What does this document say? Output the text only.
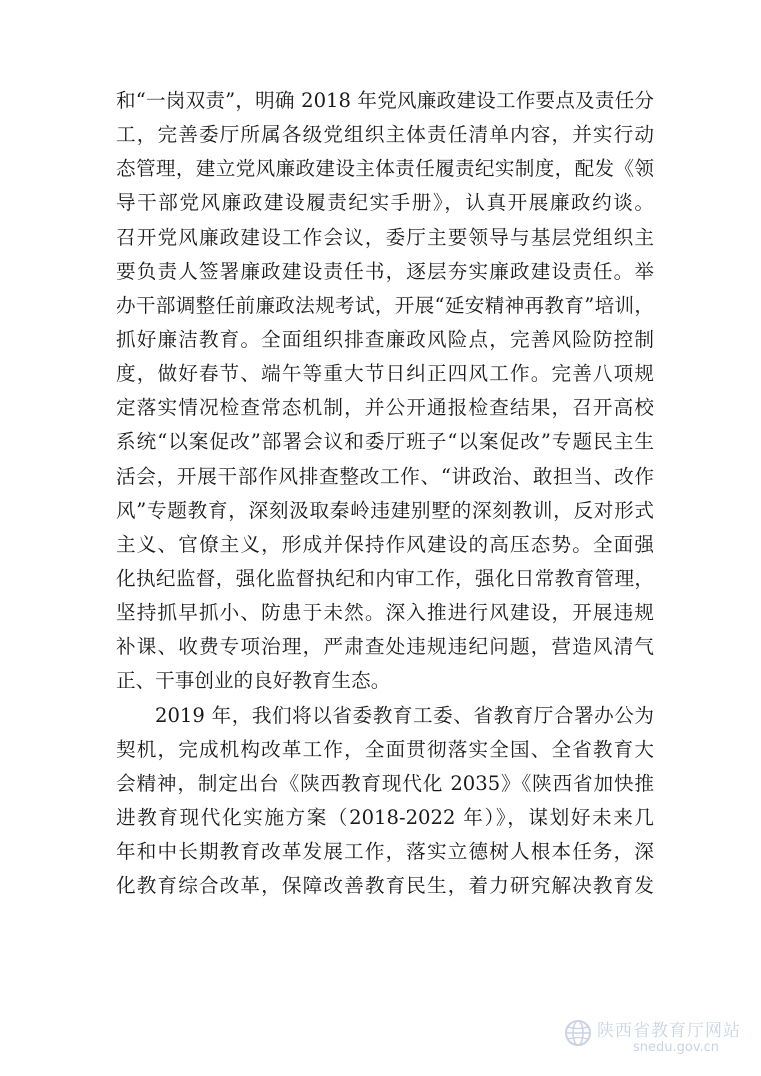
和“一岗双责”，明确 2018 年党风廉政建设工作要点及责任分
工，完善委厅所属各级党组织主体责任清单内容，并实行动
态管理，建立党风廉政建设主体责任履责纪实制度，配发《领
导干部党风廉政建设履责纪实手册》，认真开展廉政约谈。
召开党风廉政建设工作会议，委厅主要领导与基层党组织主
要负责人签署廉政建设责任书，逐层夯实廉政建设责任。举
办干部调整任前廉政法规考试，开展“延安精神再教育”培训，
抓好廉洁教育。全面组织排查廉政风险点，完善风险防控制
度，做好春节、端午等重大节日纠正四风工作。完善八项规
定落实情况检查常态机制，并公开通报检查结果，召开高校
系统“以案促改”部署会议和委厅班子“以案促改”专题民主生
活会，开展干部作风排查整改工作、“讲政治、敢担当、改作
风”专题教育，深刻汲取秦岭违建别墅的深刻教训，反对形式
主义、官僚主义，形成并保持作风建设的高压态势。全面强
化执纪监督，强化监督执纪和内审工作，强化日常教育管理，
坚持抓早抓小、防患于未然。深入推进行风建设，开展违规
补课、收费专项治理，严肃查处违规违纪问题，营造风清气
正、干事创业的良好教育生态。

2019 年，我们将以省委教育工委、省教育厅合署办公为
契机，完成机构改革工作，全面贯彻落实全国、全省教育大
会精神，制定出台《陕西教育现代化 2035》《陕西省加快推
进教育现代化实施方案（2018-2022 年）》，谋划好未来几
年和中长期教育改革发展工作，落实立德树人根本任务，深
化教育综合改革，保障改善教育民生，着力研究解决教育发

陕西省教育厅网站
snedu.gov.cn
